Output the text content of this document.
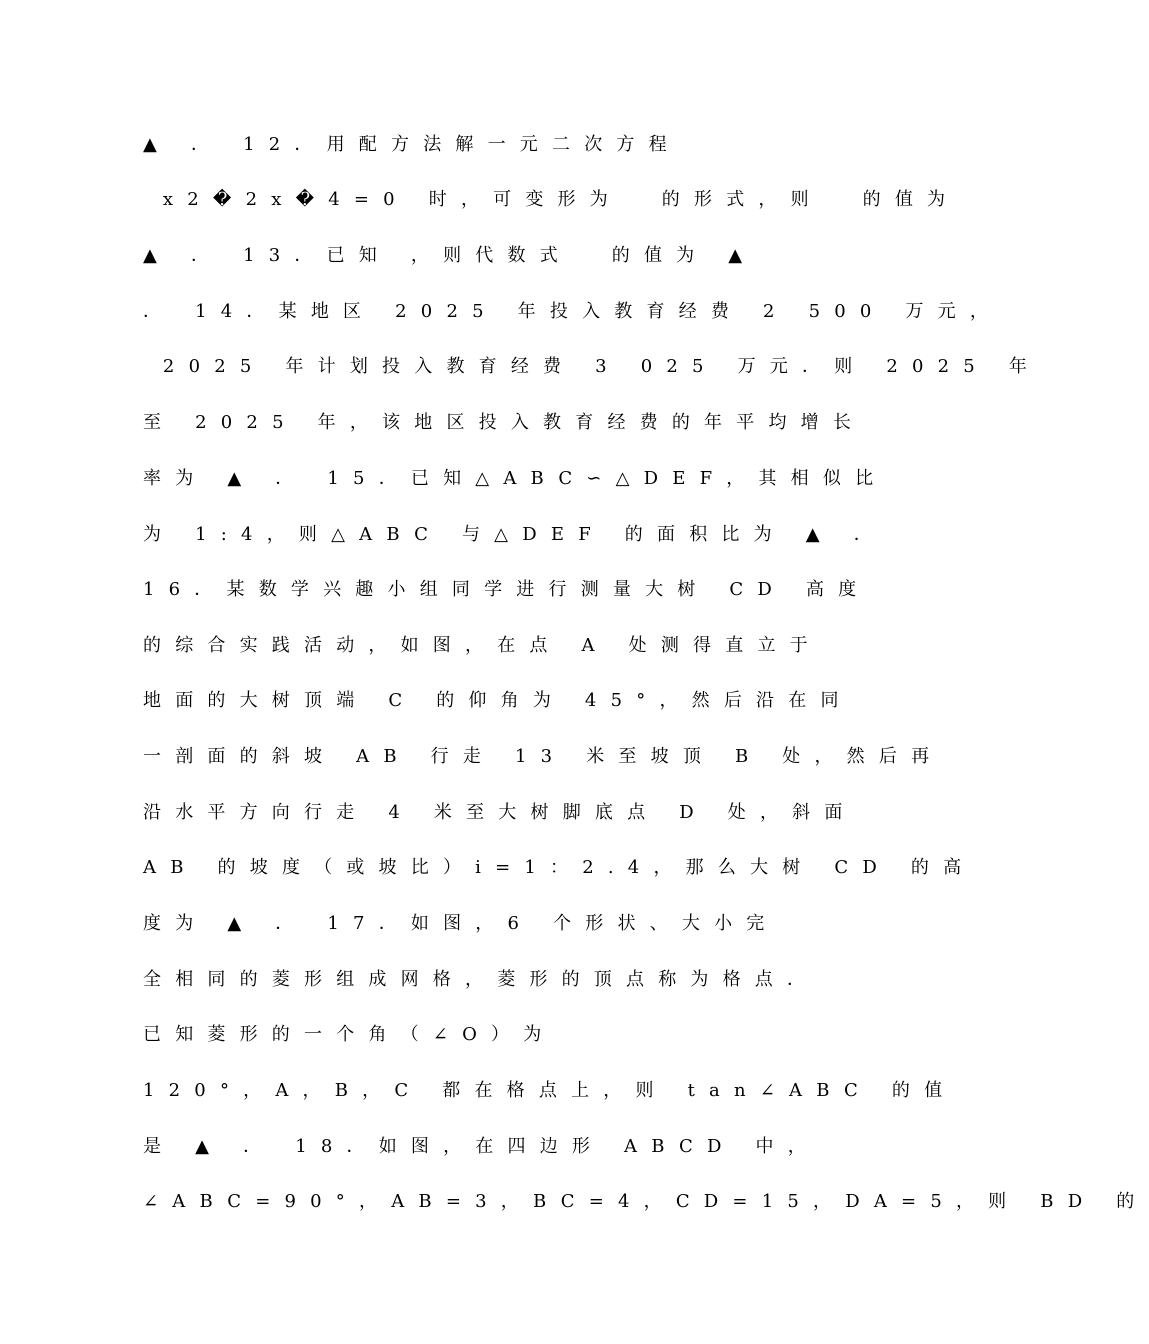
▲ ． 12．用配方法解一元二次方程
x2�2x�4=0 时，可变形为  的形式，则  的值为
▲ ． 13．已知 ，则代数式  的值为 ▲
． 14．某地区 2025 年投入教育经费 2 500 万元，
2025 年计划投入教育经费 3 025 万元．则 2025 年
至 2025 年，该地区投入教育经费的年平均增长
率为 ▲ ． 15．已知△ABC∽△DEF，其相似比
为 1:4，则△ABC 与△DEF 的面积比为 ▲ ．
16．某数学兴趣小组同学进行测量大树 CD 高度
的综合实践活动，如图，在点 A 处测得直立于
地面的大树顶端 C 的仰角为 45°，然后沿在同
一剖面的斜坡 AB 行走 13 米至坡顶 B 处，然后再
沿水平方向行走 4 米至大树脚底点 D 处，斜面
AB 的坡度（或坡比）i=1：2.4，那么大树 CD 的高
度为 ▲ ． 17．如图，6 个形状、大小完
全相同的菱形组成网格，菱形的顶点称为格点．
已知菱形的一个角（∠O）为
120°，A，B，C 都在格点上，则 tan∠ABC 的值
是 ▲ ． 18．如图，在四边形 ABCD 中，
∠ABC=90°，AB=3，BC=4，CD=15，DA=5，则 BD 的
